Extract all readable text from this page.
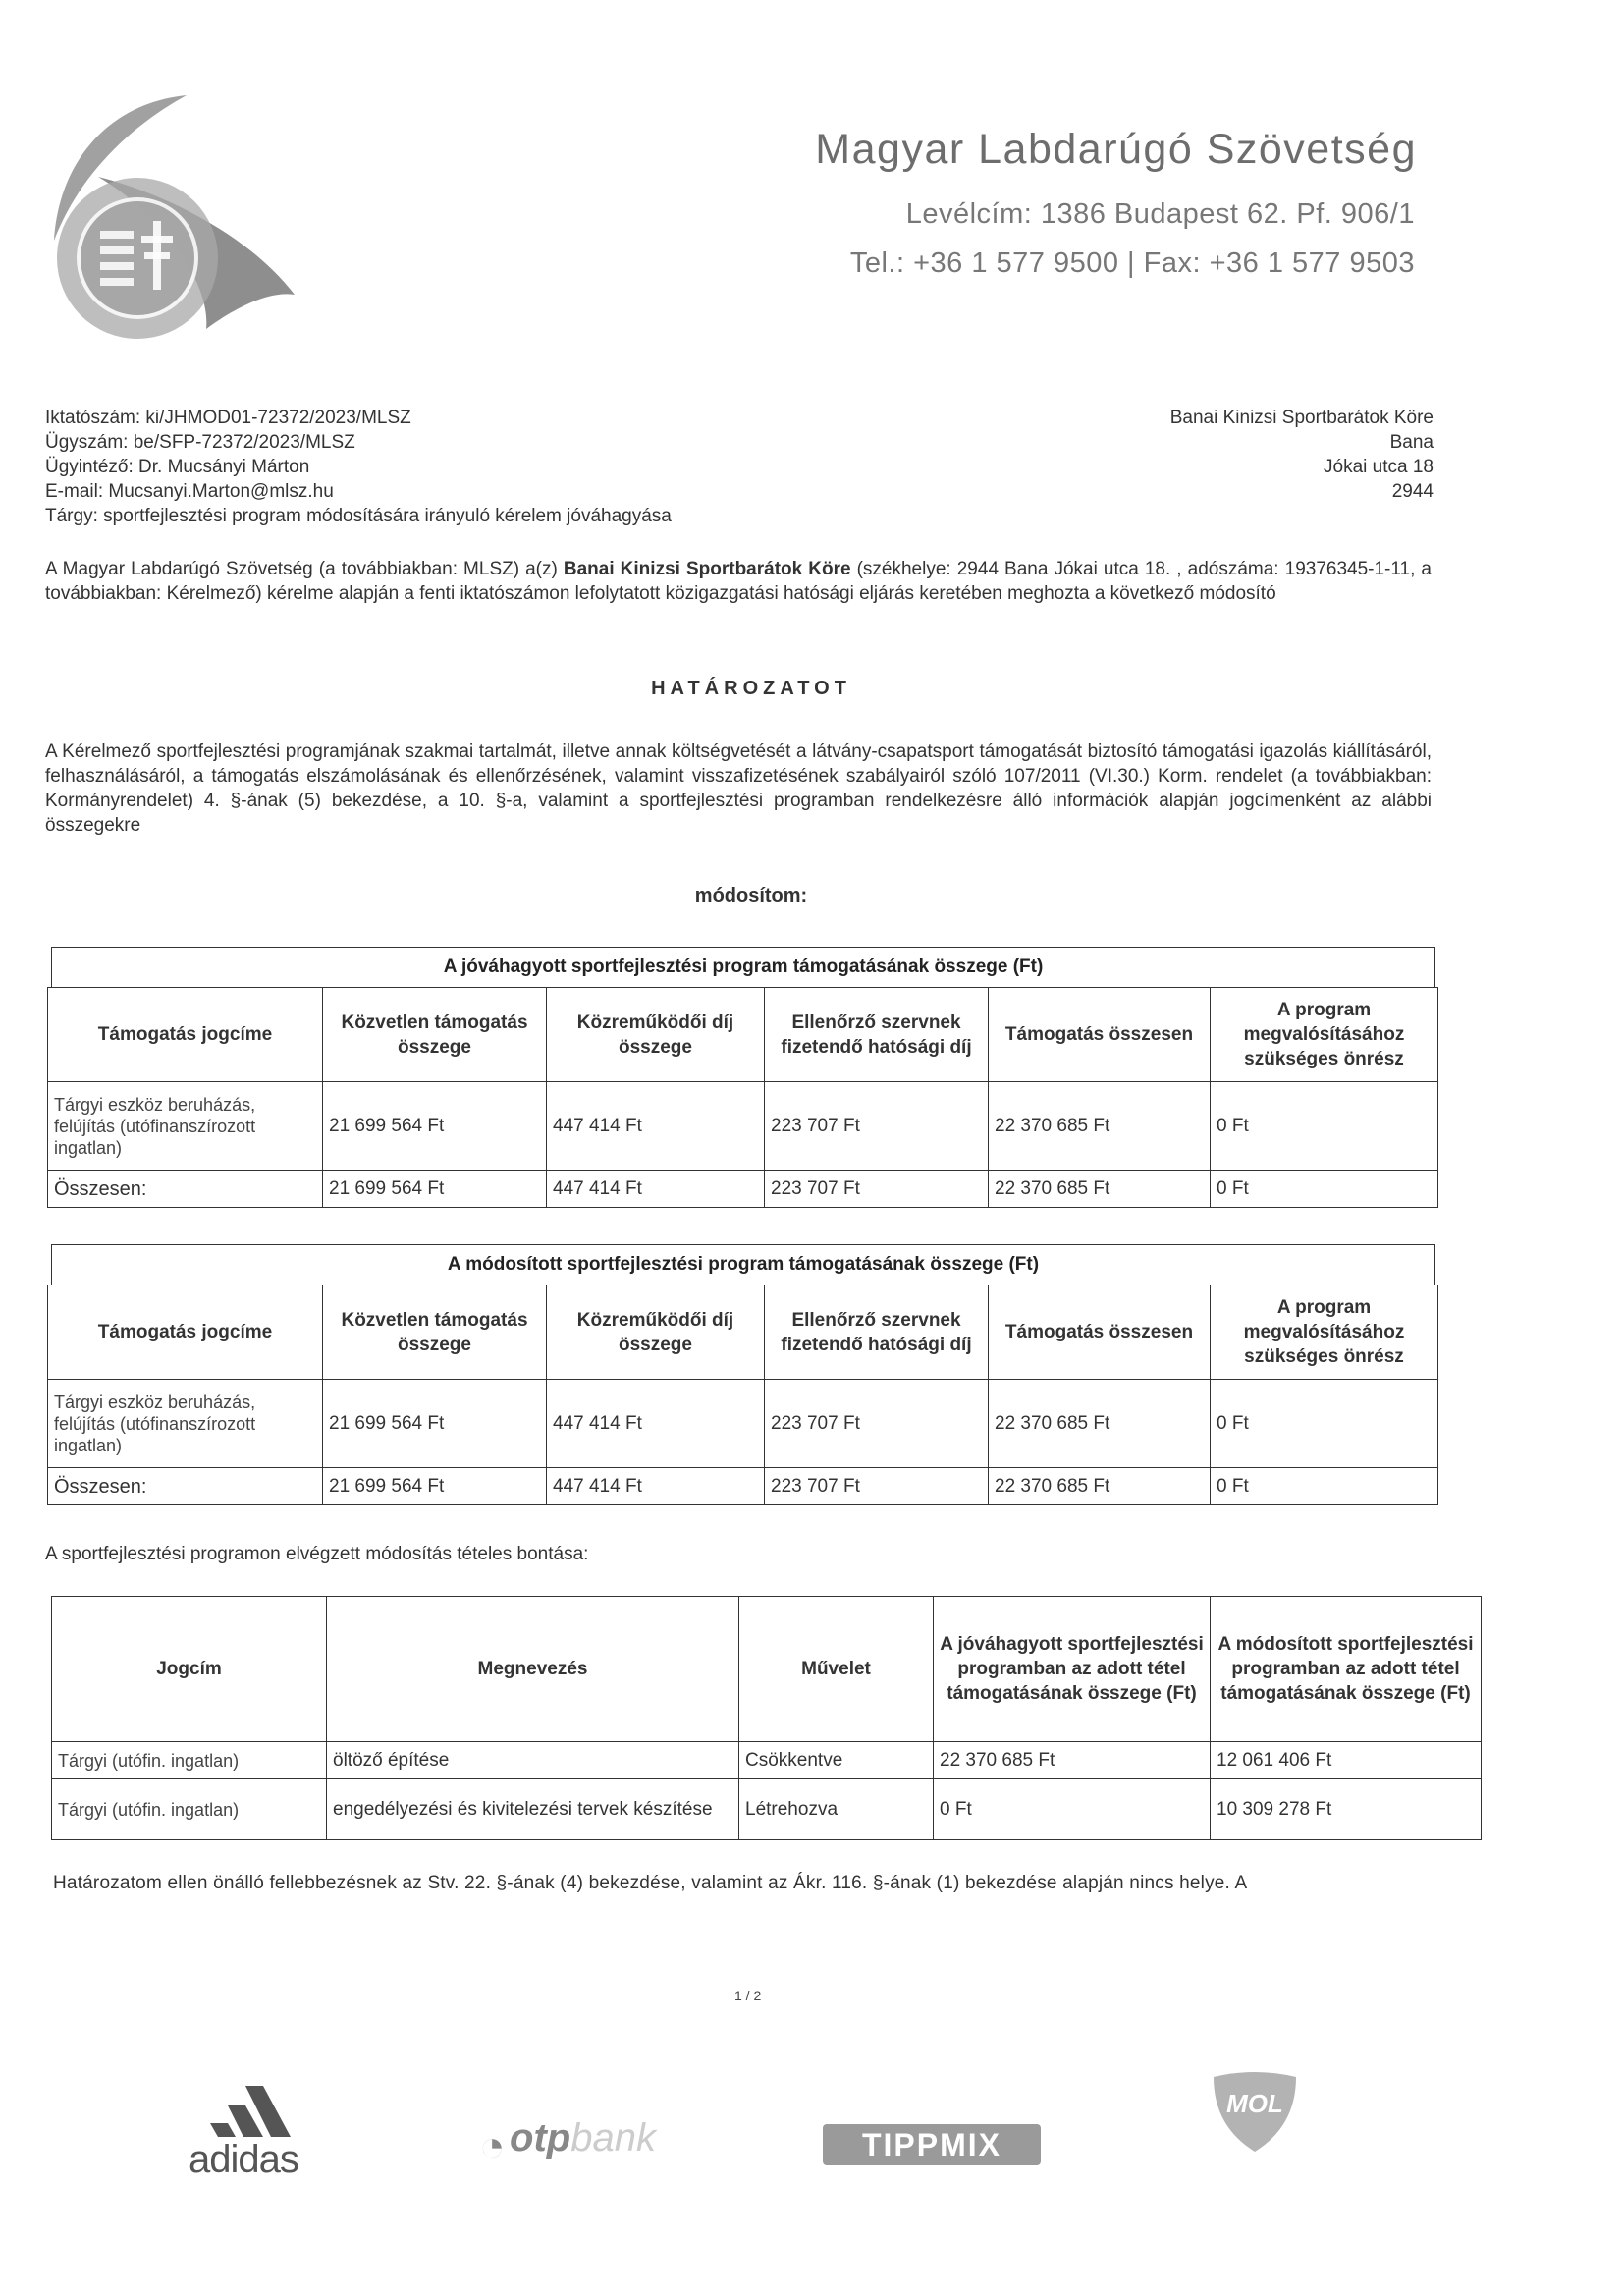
Magyar Labdarúgó Szövetség
Levélcím: 1386 Budapest 62. Pf. 906/1
Tel.: +36 1 577 9500 | Fax: +36 1 577 9503
Iktatószám: ki/JHMOD01-72372/2023/MLSZ
Ügyszám: be/SFP-72372/2023/MLSZ
Ügyintéző: Dr. Mucsányi Márton
E-mail: Mucsanyi.Marton@mlsz.hu
Tárgy: sportfejlesztési program módosítására irányuló kérelem jóváhagyása
Banai Kinizsi Sportbarátok Köre
Bana
Jókai utca 18
2944
A Magyar Labdarúgó Szövetség (a továbbiakban: MLSZ) a(z) Banai Kinizsi Sportbarátok Köre (székhelye: 2944 Bana Jókai utca 18. , adószáma: 19376345-1-11, a továbbiakban: Kérelmező) kérelme alapján a fenti iktatószámon lefolytatott közigazgatási hatósági eljárás keretében meghozta a következő módosító
HATÁROZATOT
A Kérelmező sportfejlesztési programjának szakmai tartalmát, illetve annak költségvetését a látvány-csapatsport támogatását biztosító támogatási igazolás kiállításáról, felhasználásáról, a támogatás elszámolásának és ellenőrzésének, valamint visszafizetésének szabályairól szóló 107/2011 (VI.30.) Korm. rendelet (a továbbiakban: Kormányrendelet) 4. §-ának (5) bekezdése, a 10. §-a, valamint a sportfejlesztési programban rendelkezésre álló információk alapján jogcímenként az alábbi összegekre
módosítom:
A jóváhagyott sportfejlesztési program támogatásának összege (Ft)
Támogatás jogcíme	Közvetlen támogatás összege	Közreműködői díj összege	Ellenőrző szervnek fizetendő hatósági díj	Támogatás összesen	A program megvalósításához szükséges önrész
Tárgyi eszköz beruházás, felújítás (utófinanszírozott ingatlan)	21 699 564 Ft	447 414 Ft	223 707 Ft	22 370 685 Ft	0 Ft
Összesen:	21 699 564 Ft	447 414 Ft	223 707 Ft	22 370 685 Ft	0 Ft
A módosított sportfejlesztési program támogatásának összege (Ft)
Támogatás jogcíme	Közvetlen támogatás összege	Közreműködői díj összege	Ellenőrző szervnek fizetendő hatósági díj	Támogatás összesen	A program megvalósításához szükséges önrész
Tárgyi eszköz beruházás, felújítás (utófinanszírozott ingatlan)	21 699 564 Ft	447 414 Ft	223 707 Ft	22 370 685 Ft	0 Ft
Összesen:	21 699 564 Ft	447 414 Ft	223 707 Ft	22 370 685 Ft	0 Ft
A sportfejlesztési programon elvégzett módosítás tételes bontása:
Jogcím	Megnevezés	Művelet	A jóváhagyott sportfejlesztési programban az adott tétel támogatásának összege (Ft)	A módosított sportfejlesztési programban az adott tétel támogatásának összege (Ft)
Tárgyi (utófin. ingatlan)	öltöző építése	Csökkentve	22 370 685 Ft	12 061 406 Ft
Tárgyi (utófin. ingatlan)	engedélyezési és kivitelezési tervek készítése	Létrehozva	0 Ft	10 309 278 Ft
Határozatom ellen önálló fellebbezésnek az Stv. 22. §-ának (4) bekezdése, valamint az Ákr. 116. §-ának (1) bekezdése alapján nincs helye. A
1 / 2
adidas	◔ otpbank	TIPPMIX
MOL
